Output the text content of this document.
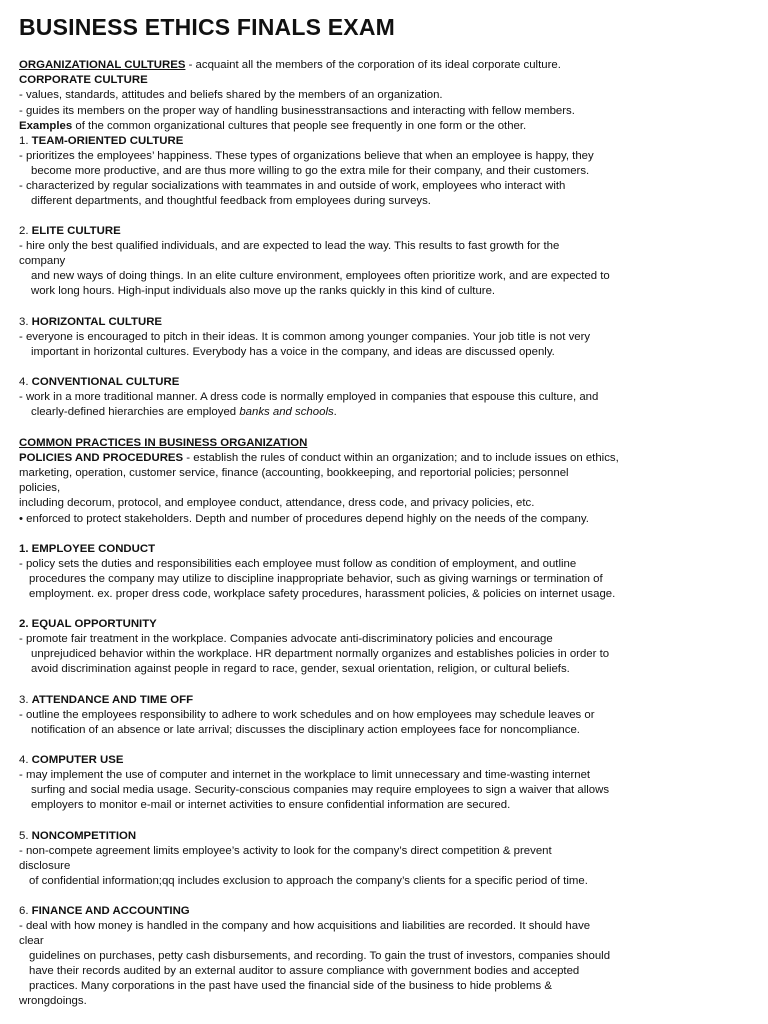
BUSINESS ETHICS FINALS EXAM
ORGANIZATIONAL CULTURES - acquaint all the members of the corporation of its ideal corporate culture.
CORPORATE CULTURE
- values, standards, attitudes and beliefs shared by the members of an organization.
- guides its members on the proper way of handling businesstransactions and interacting with fellow members.
Examples of the common organizational cultures that people see frequently in one form or the other.
1. TEAM-ORIENTED CULTURE
- prioritizes the employees’ happiness. These types of organizations believe that when an employee is happy, they
become more productive, and are thus more willing to go the extra mile for their company, and their customers.
- characterized by regular socializations with teammates in and outside of work, employees who interact with
different departments, and thoughtful feedback from employees during surveys.
2. ELITE CULTURE
- hire only the best qualified individuals, and are expected to lead the way. This results to fast growth for the
company
and new ways of doing things. In an elite culture environment, employees often prioritize work, and are expected to
work long hours. High-input individuals also move up the ranks quickly in this kind of culture.
3. HORIZONTAL CULTURE
- everyone is encouraged to pitch in their ideas. It is common among younger companies. Your job title is not very
important in horizontal cultures. Everybody has a voice in the company, and ideas are discussed openly.
4. CONVENTIONAL CULTURE
- work in a more traditional manner. A dress code is normally employed in companies that espouse this culture, and
clearly-defined hierarchies are employed banks and schools.
COMMON PRACTICES IN BUSINESS ORGANIZATION
POLICIES AND PROCEDURES - establish the rules of conduct within an organization; and to include issues on ethics,
marketing, operation, customer service, finance (accounting, bookkeeping, and reportorial policies; personnel
policies,
including decorum, protocol, and employee conduct, attendance, dress code, and privacy policies, etc.
• enforced to protect stakeholders. Depth and number of procedures depend highly on the needs of the company.
1. EMPLOYEE CONDUCT
- policy sets the duties and responsibilities each employee must follow as condition of employment, and outline
procedures the company may utilize to discipline inappropriate behavior, such as giving warnings or termination of
employment. ex. proper dress code, workplace safety procedures, harassment policies, & policies on internet usage.
2. EQUAL OPPORTUNITY
- promote fair treatment in the workplace. Companies advocate anti-discriminatory policies and encourage
unprejudiced behavior within the workplace. HR department normally organizes and establishes policies in order to
avoid discrimination against people in regard to race, gender, sexual orientation, religion, or cultural beliefs.
3. ATTENDANCE AND TIME OFF
- outline the employees responsibility to adhere to work schedules and on how employees may schedule leaves or
notification of an absence or late arrival; discusses the disciplinary action employees face for noncompliance.
4. COMPUTER USE
- may implement the use of computer and internet in the workplace to limit unnecessary and time-wasting internet
surfing and social media usage. Security-conscious companies may require employees to sign a waiver that allows
employers to monitor e-mail or internet activities to ensure confidential information are secured.
5. NONCOMPETITION
- non-compete agreement limits employee’s activity to look for the company’s direct competition & prevent
disclosure
of confidential information;qq includes exclusion to approach the company’s clients for a specific period of time.
6. FINANCE AND ACCOUNTING
- deal with how money is handled in the company and how acquisitions and liabilities are recorded. It should have
clear
guidelines on purchases, petty cash disbursements, and recording. To gain the trust of investors, companies should
have their records audited by an external auditor to assure compliance with government bodies and accepted
practices. Many corporations in the past have used the financial side of the business to hide problems &
wrongdoings.
